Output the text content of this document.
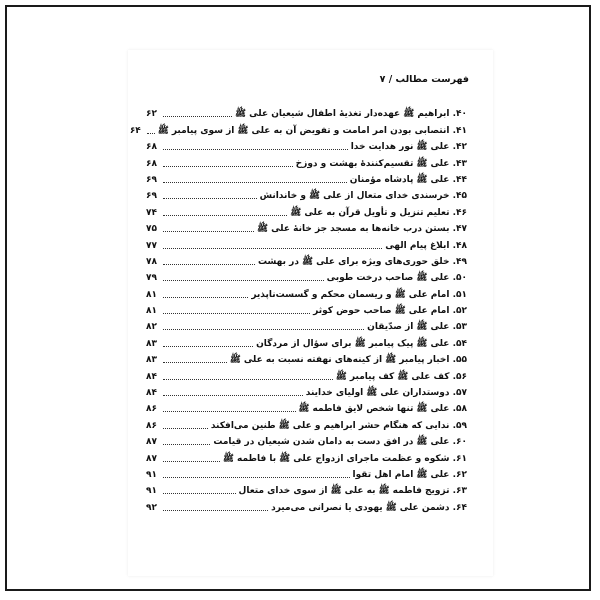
فهرست مطالب / ۷
۴۰. ابراهیم ﷺ عهده‌دار تغذیهٔ اطفال شیعیان علی ﷺ
۶۲
۴۱. انتصابی بودن امر امامت و تفویض آن به علی ﷺ از سوی پیامبر ﷺ
۶۴
۴۲. علی ﷺ نور هدایت خدا
۶۸
۴۳. علی ﷺ تقسیم‌کنندهٔ بهشت و دوزخ
۶۸
۴۴. علی ﷺ پادشاه مؤمنان
۶۹
۴۵. خرسندی خدای متعال از علی ﷺ و خاندانش
۶۹
۴۶. تعلیم تنزیل و تأویل قرآن به علی ﷺ
۷۴
۴۷. بستن درب خانه‌ها به مسجد جز خانهٔ علی ﷺ
۷۵
۴۸. ابلاغ پیام الهی
۷۷
۴۹. خلق حوری‌های ویژه برای علی ﷺ در بهشت
۷۸
۵۰. علی ﷺ صاحب درخت طوبی
۷۹
۵۱. امام علی ﷺ و ریسمان محکم و گسست‌ناپذیر
۸۱
۵۲. امام علی ﷺ صاحب حوض کوثر
۸۱
۵۳. علی ﷺ از صدّیقان
۸۲
۵۴. علی ﷺ پیک پیامبر ﷺ برای سؤال از مردگان
۸۳
۵۵. اخبار پیامبر ﷺ از کینه‌های نهفته نسبت به علی ﷺ
۸۳
۵۶. کف علی ﷺ کف پیامبر ﷺ
۸۴
۵۷. دوستداران علی ﷺ اولیای خدایند
۸۴
۵۸. علی ﷺ تنها شخص لایق فاطمه ﷺ
۸۶
۵۹. ندایی که هنگام حشر ابراهیم و علی ﷺ طنین می‌افکند
۸۶
۶۰. علی ﷺ در افق دست به دامان شدن شیعیان در قیامت
۸۷
۶۱. شکوه و عظمت ماجرای ازدواج علی ﷺ با فاطمه ﷺ
۸۷
۶۲. علی ﷺ امام اهل تقوا
۹۱
۶۳. تزویج فاطمه ﷺ به علی ﷺ از سوی خدای متعال
۹۱
۶۴. دشمن علی ﷺ یهودی یا نصرانی می‌میرد
۹۲
